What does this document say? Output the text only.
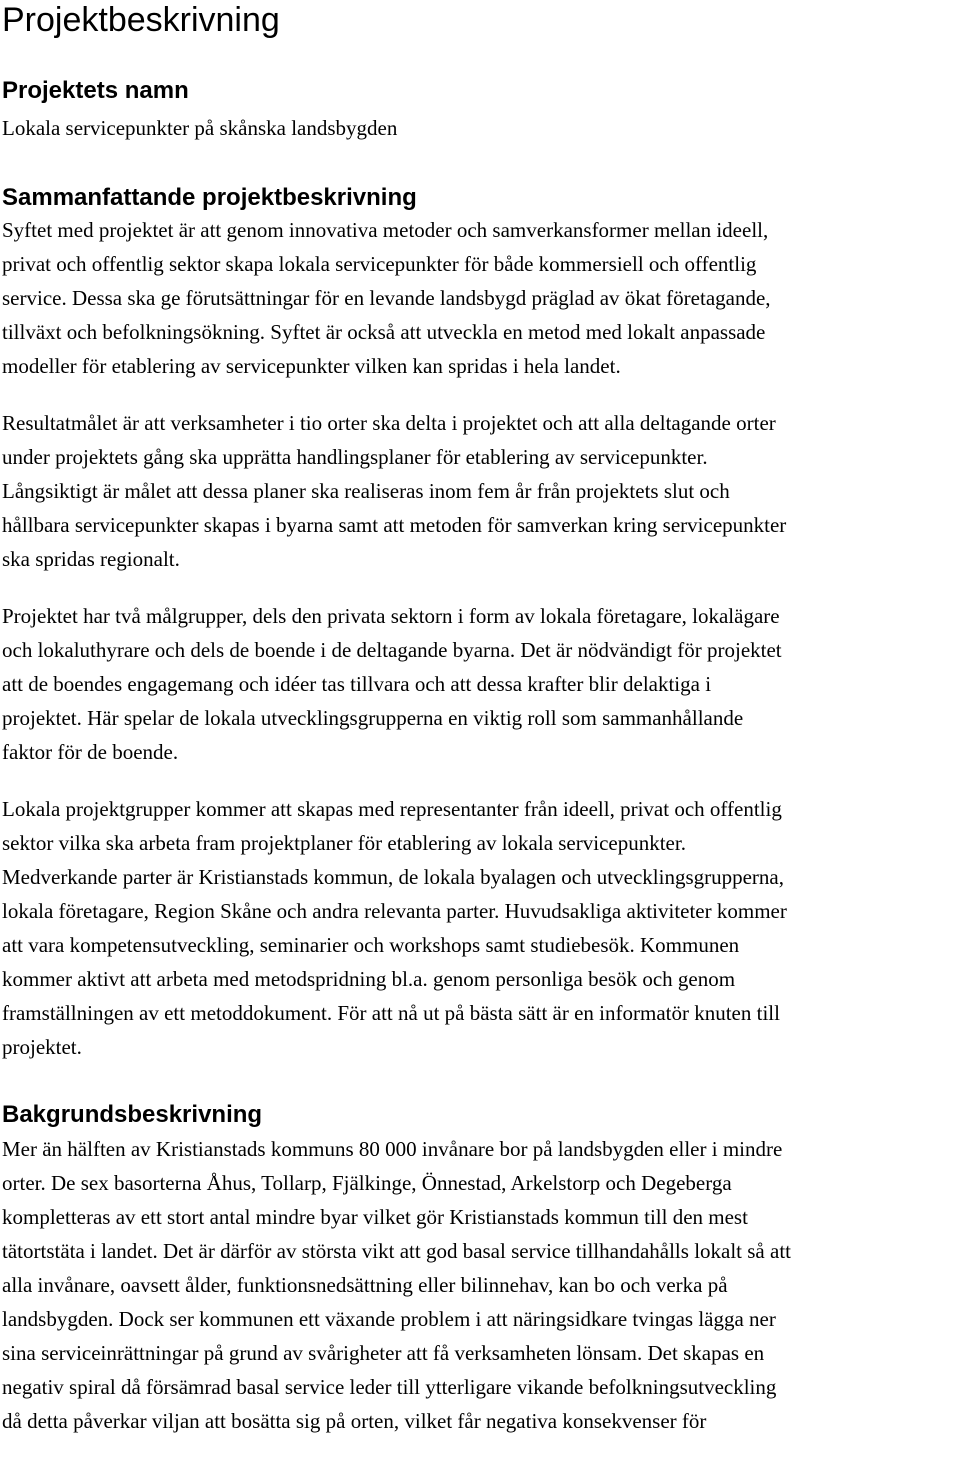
Projektbeskrivning
Projektets namn
Lokala servicepunkter på skånska landsbygden
Sammanfattande projektbeskrivning
Syftet med projektet är att genom innovativa metoder och samverkansformer mellan ideell,
privat och offentlig sektor skapa lokala servicepunkter för både kommersiell och offentlig
service. Dessa ska ge förutsättningar för en levande landsbygd präglad av ökat företagande,
tillväxt och befolkningsökning. Syftet är också att utveckla en metod med lokalt anpassade
modeller för etablering av servicepunkter vilken kan spridas i hela landet.
Resultatmålet är att verksamheter i tio orter ska delta i projektet och att alla deltagande orter
under projektets gång ska upprätta handlingsplaner för etablering av servicepunkter.
Långsiktigt är målet att dessa planer ska realiseras inom fem år från projektets slut och
hållbara servicepunkter skapas i byarna samt att metoden för samverkan kring servicepunkter
ska spridas regionalt.
Projektet har två målgrupper, dels den privata sektorn i form av lokala företagare, lokalägare
och lokaluthyrare och dels de boende i de deltagande byarna. Det är nödvändigt för projektet
att de boendes engagemang och idéer tas tillvara och att dessa krafter blir delaktiga i
projektet. Här spelar de lokala utvecklingsgrupperna en viktig roll som sammanhållande
faktor för de boende.
Lokala projektgrupper kommer att skapas med representanter från ideell, privat och offentlig
sektor vilka ska arbeta fram projektplaner för etablering av lokala servicepunkter.
Medverkande parter är Kristianstads kommun, de lokala byalagen och utvecklingsgrupperna,
lokala företagare, Region Skåne och andra relevanta parter. Huvudsakliga aktiviteter kommer
att vara kompetensutveckling, seminarier och workshops samt studiebesök. Kommunen
kommer aktivt att arbeta med metodspridning bl.a. genom personliga besök och genom
framställningen av ett metoddokument. För att nå ut på bästa sätt är en informatör knuten till
projektet.
Bakgrundsbeskrivning
Mer än hälften av Kristianstads kommuns 80 000 invånare bor på landsbygden eller i mindre
orter. De sex basorterna Åhus, Tollarp, Fjälkinge, Önnestad, Arkelstorp och Degeberga
kompletteras av ett stort antal mindre byar vilket gör Kristianstads kommun till den mest
tätortstäta i landet. Det är därför av största vikt att god basal service tillhandahålls lokalt så att
alla invånare, oavsett ålder, funktionsnedsättning eller bilinnehav, kan bo och verka på
landsbygden. Dock ser kommunen ett växande problem i att näringsidkare tvingas lägga ner
sina serviceinrättningar på grund av svårigheter att få verksamheten lönsam. Det skapas en
negativ spiral då försämrad basal service leder till ytterligare vikande befolkningsutveckling
då detta påverkar viljan att bosätta sig på orten, vilket får negativa konsekvenser för
